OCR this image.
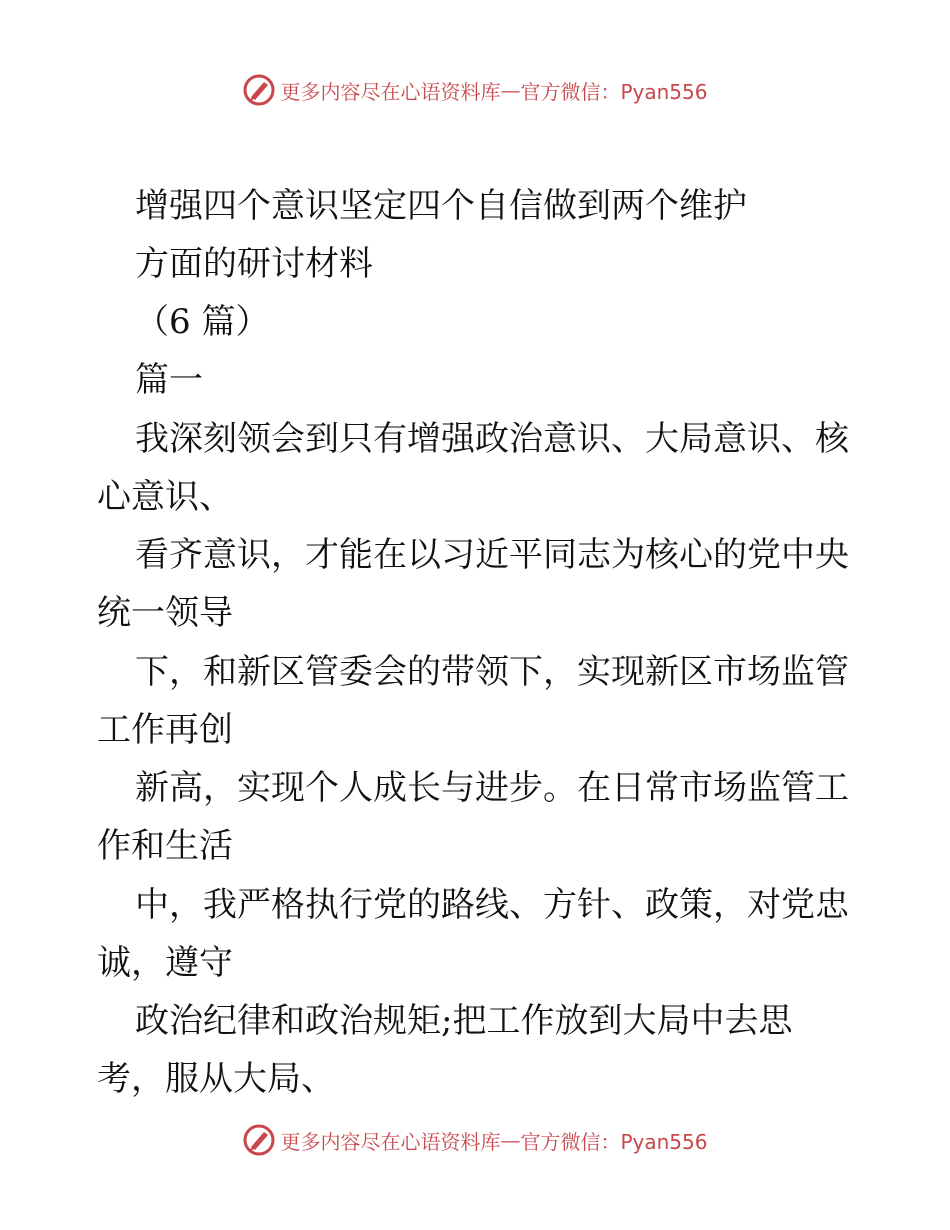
更多内容尽在心语资料库 — 官方微信：Pyan556
增强四个意识坚定四个自信做到两个维护
方面的研讨材料
（6 篇）
篇一
我深刻领会到只有增强政治意识、大局意识、核
心意识、
看齐意识，才能在以习近平同志为核心的党中央
统一领导
下，和新区管委会的带领下，实现新区市场监管
工作再创
新高，实现个人成长与进步。在日常市场监管工
作和生活
中，我严格执行党的路线、方针、政策，对党忠
诚，遵守
政治纪律和政治规矩;把工作放到大局中去思
考，服从大局、
更多内容尽在心语资料库 — 官方微信：Pyan556
